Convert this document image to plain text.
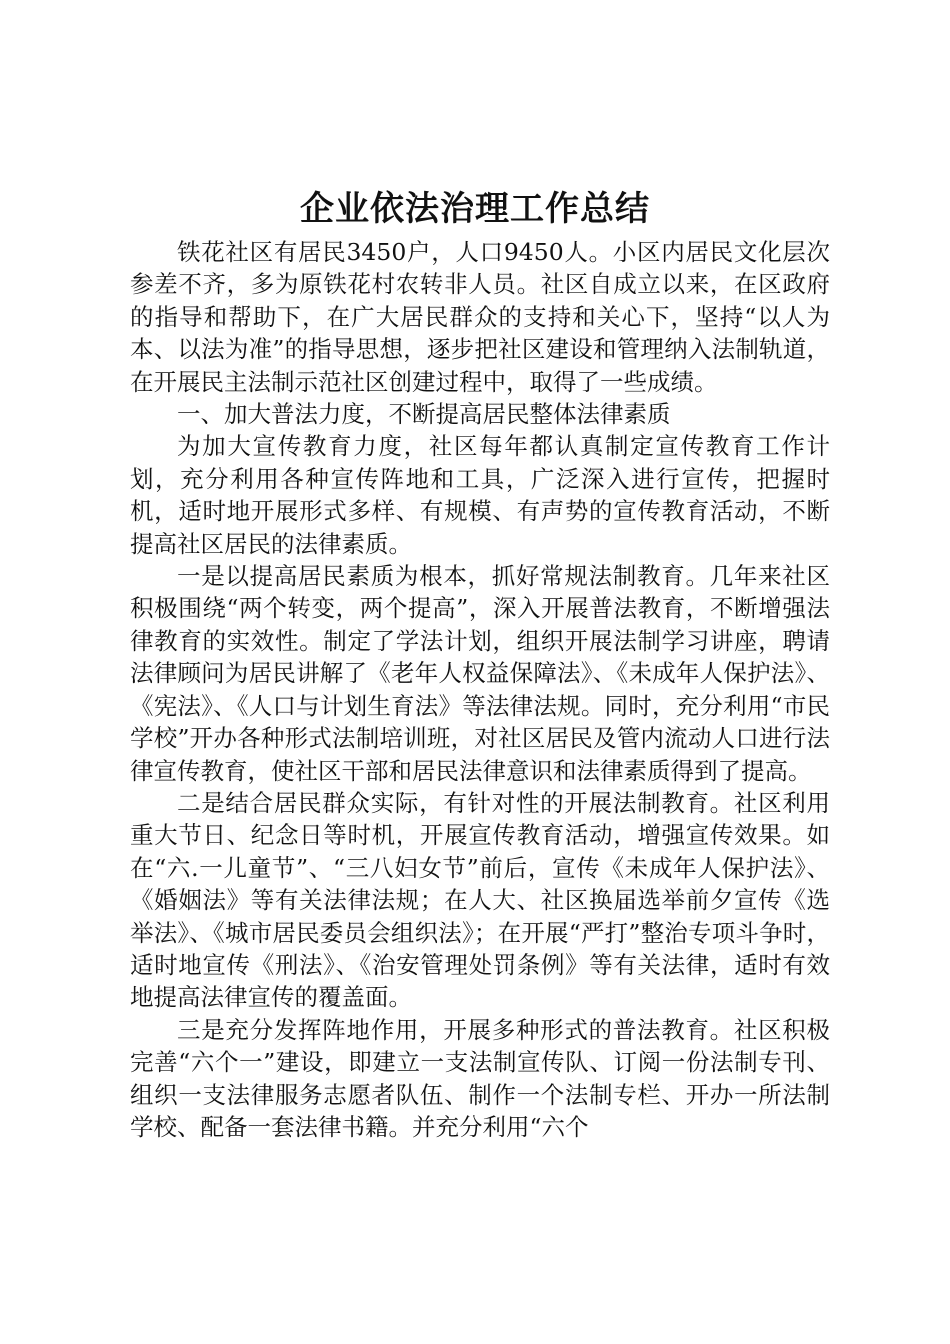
企业依法治理工作总结

铁花社区有居民3450户，人口9450人。小区内居民文化层次参差不齐，多为原铁花村农转非人员。社区自成立以来，在区政府的指导和帮助下，在广大居民群众的支持和关心下，坚持“以人为本、以法为准”的指导思想，逐步把社区建设和管理纳入法制轨道，在开展民主法制示范社区创建过程中，取得了一些成绩。

一、加大普法力度，不断提高居民整体法律素质

为加大宣传教育力度，社区每年都认真制定宣传教育工作计划，充分利用各种宣传阵地和工具，广泛深入进行宣传，把握时机，适时地开展形式多样、有规模、有声势的宣传教育活动，不断提高社区居民的法律素质。

一是以提高居民素质为根本，抓好常规法制教育。几年来社区积极围绕“两个转变，两个提高”，深入开展普法教育，不断增强法律教育的实效性。制定了学法计划，组织开展法制学习讲座，聘请法律顾问为居民讲解了《老年人权益保障法》、《未成年人保护法》、《宪法》、《人口与计划生育法》等法律法规。同时，充分利用“市民学校”开办各种形式法制培训班，对社区居民及管内流动人口进行法律宣传教育，使社区干部和居民法律意识和法律素质得到了提高。

二是结合居民群众实际，有针对性的开展法制教育。社区利用重大节日、纪念日等时机，开展宣传教育活动，增强宣传效果。如在“六.一儿童节”、“三八妇女节”前后，宣传《未成年人保护法》、《婚姻法》等有关法律法规；在人大、社区换届选举前夕宣传《选举法》、《城市居民委员会组织法》；在开展“严打”整治专项斗争时，适时地宣传《刑法》、《治安管理处罚条例》等有关法律，适时有效地提高法律宣传的覆盖面。

三是充分发挥阵地作用，开展多种形式的普法教育。社区积极完善“六个一”建设，即建立一支法制宣传队、订阅一份法制专刊、组织一支法律服务志愿者队伍、制作一个法制专栏、开办一所法制学校、配备一套法律书籍。并充分利用“六个
